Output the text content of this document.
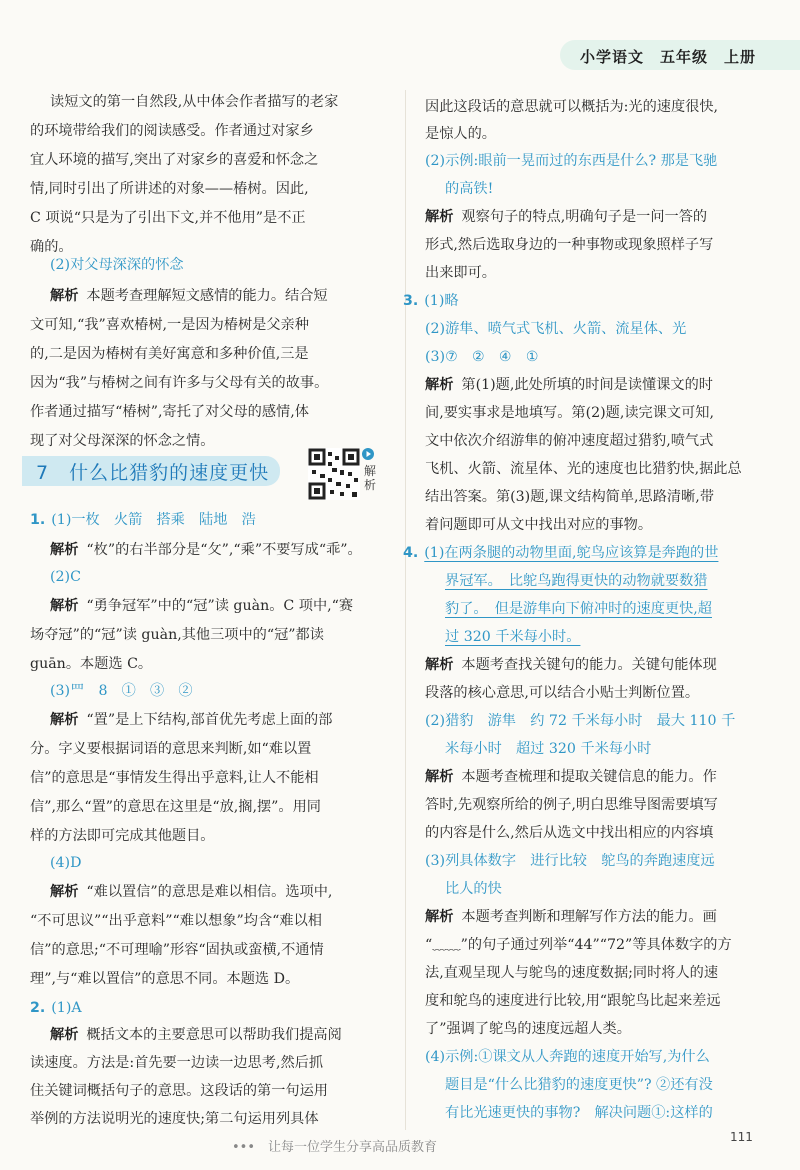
小学语文　五年级　上册
读短文的第一自然段,从中体会作者描写的老家
的环境带给我们的阅读感受。作者通过对家乡
宜人环境的描写,突出了对家乡的喜爱和怀念之
情,同时引出了所讲述的对象——椿树。因此,
C 项说“只是为了引出下文,并不他用”是不正
确的。
(2)对父母深深的怀念
解析 本题考查理解短文感情的能力。结合短
文可知,“我”喜欢椿树,一是因为椿树是父亲种
的,二是因为椿树有美好寓意和多种价值,三是
因为“我”与椿树之间有许多与父母有关的故事。
作者通过描写“椿树”,寄托了对父母的感情,体
现了对父母深深的怀念之情。
7　什么比猎豹的速度更快	解析
1. (1)一枚　火箭　搭乘　陆地　浩
解析 “枚”的右半部分是“攵”,“乘”不要写成“乖”。
(2)C
解析 “勇争冠军”中的“冠”读 guàn。C 项中,“赛
场夺冠”的“冠”读 guàn,其他三项中的“冠”都读
guān。本题选 C。
(3)罒　8　①　③　②
解析 “置”是上下结构,部首优先考虑上面的部
分。字义要根据词语的意思来判断,如“难以置
信”的意思是“事情发生得出乎意料,让人不能相
信”,那么“置”的意思在这里是“放,搁,摆”。用同
样的方法即可完成其他题目。
(4)D
解析 “难以置信”的意思是难以相信。选项中,
“不可思议”“出乎意料”“难以想象”均含“难以相
信”的意思;“不可理喻”形容“固执或蛮横,不通情
理”,与“难以置信”的意思不同。本题选 D。
2. (1)A
解析 概括文本的主要意思可以帮助我们提高阅
读速度。方法是:首先要一边读一边思考,然后抓
住关键词概括句子的意思。这段话的第一句运用
举例的方法说明光的速度快;第二句运用列具体
因此这段话的意思就可以概括为:光的速度很快,
是惊人的。
(2)示例:眼前一晃而过的东西是什么? 那是飞驰
的高铁!
解析 观察句子的特点,明确句子是一问一答的
形式,然后选取身边的一种事物或现象照样子写
出来即可。
3. (1)略
(2)游隼、喷气式飞机、火箭、流星体、光
(3)⑦　②　④　①
解析 第(1)题,此处所填的时间是读懂课文的时
间,要实事求是地填写。第(2)题,读完课文可知,
文中依次介绍游隼的俯冲速度超过猎豹,喷气式
飞机、火箭、流星体、光的速度也比猎豹快,据此总
结出答案。第(3)题,课文结构简单,思路清晰,带
着问题即可从文中找出对应的事物。
4. (1)在两条腿的动物里面,鸵鸟应该算是奔跑的世
界冠军。　比鸵鸟跑得更快的动物就要数猎
豹了。　但是游隼向下俯冲时的速度更快,超
过 320 千米每小时。
解析 本题考查找关键句的能力。关键句能体现
段落的核心意思,可以结合小贴士判断位置。
(2)猎豹　游隼　约 72 千米每小时　最大 110 千
米每小时　超过 320 千米每小时
解析 本题考查梳理和提取关键信息的能力。作
答时,先观察所给的例子,明白思维导图需要填写
的内容是什么,然后从选文中找出相应的内容填
(3)列具体数字　进行比较　鸵鸟的奔跑速度远
比人的快
解析 本题考查判断和理解写作方法的能力。画
“﹏﹏”的句子通过列举“44”“72”等具体数字的方
法,直观呈现人与鸵鸟的速度数据;同时将人的速
度和鸵鸟的速度进行比较,用“跟鸵鸟比起来差远
了”强调了鸵鸟的速度远超人类。
(4)示例:①课文从人奔跑的速度开始写,为什么
题目是“什么比猎豹的速度更快”? ②还有没
有比光速更快的事物?　解决问题①:这样的
•••　让每一位学生分享高品质教育
111
